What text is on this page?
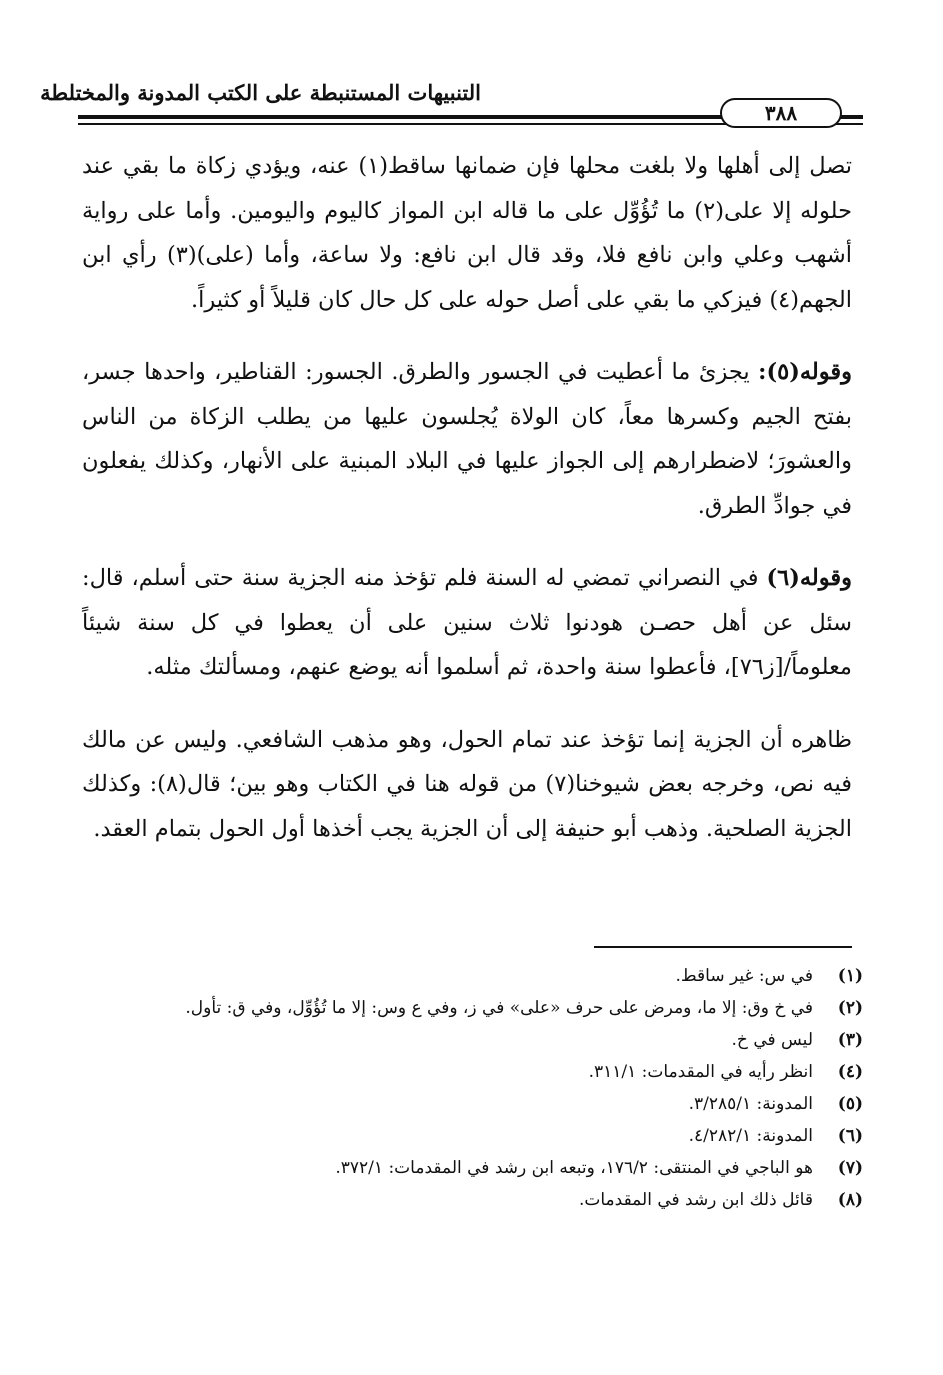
التنبيهات المستنبطة على الكتب المدونة والمختلطة
٣٨٨

تصل إلى أهلها ولا بلغت محلها فإن ضمانها ساقط(١) عنه، ويؤدي زكاة ما بقي عند حلوله إلا على(٢) ما تُؤُوِّل على ما قاله ابن المواز كاليوم واليومين. وأما على رواية أشهب وعلي وابن نافع فلا، وقد قال ابن نافع: ولا ساعة، وأما (على)(٣) رأي ابن الجهم(٤) فيزكي ما بقي على أصل حوله على كل حال كان قليلاً أو كثيراً.

وقوله(٥): يجزئ ما أعطيت في الجسور والطرق. الجسور: القناطير، واحدها جسر، بفتح الجيم وكسرها معاً، كان الولاة يُجلسون عليها من يطلب الزكاة من الناس والعشورَ؛ لاضطرارهم إلى الجواز عليها في البلاد المبنية على الأنهار، وكذلك يفعلون في جوادِّ الطرق.

وقوله(٦) في النصراني تمضي له السنة فلم تؤخذ منه الجزية سنة حتى أسلم، قال: سئل عن أهل حصـن هودنوا ثلاث سنين على أن يعطوا في كل سنة شيئاً معلوماً/[ز٧٦]، فأعطوا سنة واحدة، ثم أسلموا أنه يوضع عنهم، ومسألتك مثله.

ظاهره أن الجزية إنما تؤخذ عند تمام الحول، وهو مذهب الشافعي. وليس عن مالك فيه نص، وخرجه بعض شيوخنا(٧) من قوله هنا في الكتاب وهو بين؛ قال(٨): وكذلك الجزية الصلحية. وذهب أبو حنيفة إلى أن الجزية يجب أخذها أول الحول بتمام العقد.

(١)
في س: غير ساقط.
(٢)
في خ وق: إلا ما، ومرض على حرف «على» في ز، وفي ع وس: إلا ما تُؤُوِّل، وفي ق: تأول.
(٣)
ليس في خ.
(٤)
انظر رأيه في المقدمات: ٣١١/١.
(٥)
المدونة: ٣/٢٨٥/١.
(٦)
المدونة: ٤/٢٨٢/١.
(٧)
هو الباجي في المنتقى: ١٧٦/٢، وتبعه ابن رشد في المقدمات: ٣٧٢/١.
(٨)
قائل ذلك ابن رشد في المقدمات.
